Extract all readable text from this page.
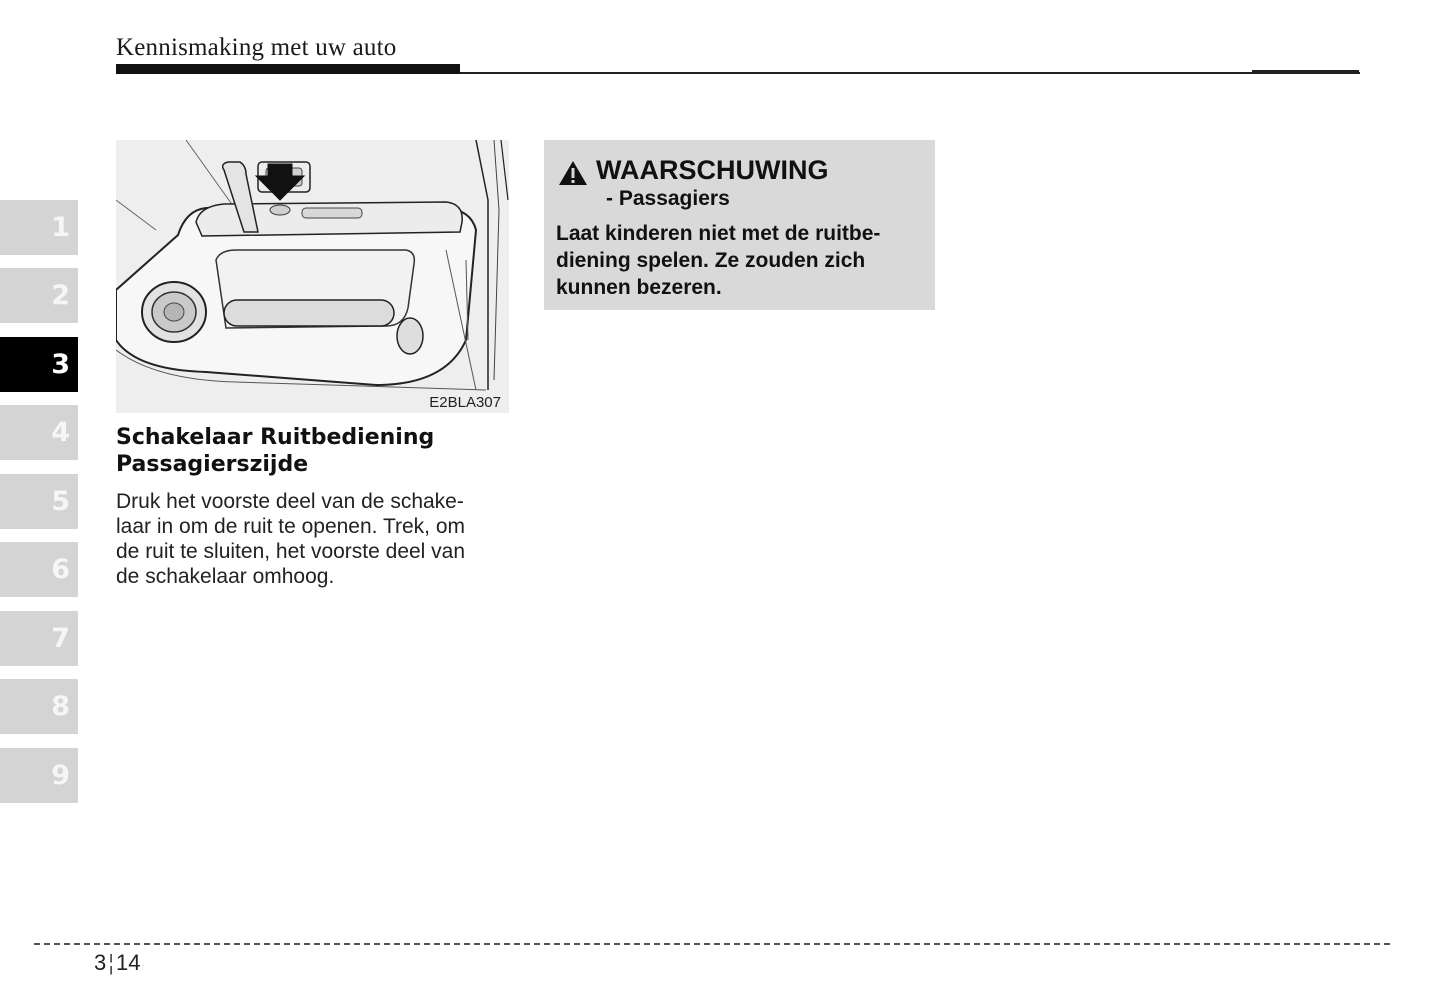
Kennismaking met uw auto
1
2
3
4
5
6
7
8
9
E2BLA307
Schakelaar Ruitbediening
Passagierszijde
Druk het voorste deel van de schake-
laar in om de ruit te openen. Trek, om
de ruit te sluiten, het voorste deel van
de schakelaar omhoog.
WAARSCHUWING
- Passagiers
Laat kinderen niet met de ruitbe-
diening spelen. Ze zouden zich
kunnen bezeren.
3¦14
